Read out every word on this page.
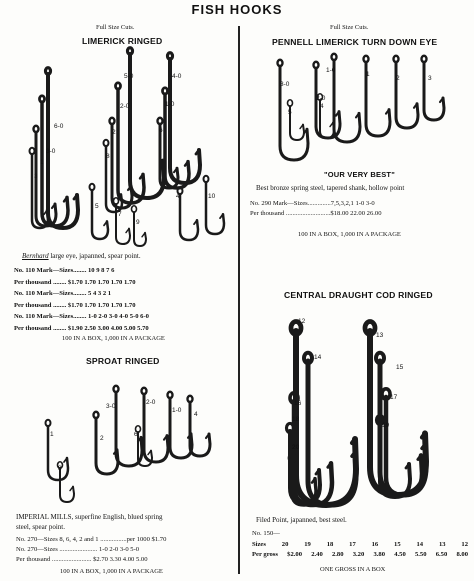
FISH HOOKS
Full Size Cuts.
LIMERICK RINGED
6-0
3-0
1
3
5-0
2-0
2
8
4-0
1-0
6
5
7
9
4	10
Bernhard large eye, japanned, spear point.
No. 110 Mark—Sizes........ 10 9 8 7 6
Per thousand ........ $1.70 1.70 1.70 1.70 1.70
No. 110 Mark—Sizes........ 5 4 3 2 1
Per thousand ........ $1.70 1.70 1.70 1.70 1.70
No. 110 Mark—Sizes........ 1-0 2-0 3-0 4-0 5-0 6-0
Per thousand ........ $1.90 2.50 3.00 4.00 5.00 5.70
100 IN A BOX, 1,000 IN A PACKAGE
SPROAT RINGED
1
2
3-0
2-0
1-0
4
6
8
IMPERIAL MILLS, superfine English, blued spring
steel, spear point.
No. 270—Sizes 8, 6, 4, 2 and 1 ................per 1000 $1.70
No. 270—Sizes ....................... 1-0 2-0 3-0 5-0
Per thousand ........................ $2.70 3.30 4.00 5.00
100 IN A BOX, 1,000 IN A PACKAGE
Full Size Cuts.
PENNELL LIMERICK TURN DOWN EYE
3-0
2-0
1-0
1
2	3
4
5
"OUR VERY BEST"
Best bronze spring steel, tapered shank, hollow point
No. 290 Mark—Sizes..............7,5,3,2,1 1-0 3-0
Per thousand ...........................$18.00 22.00 26.00
100 IN A BOX, 1,000 IN A PACKAGE
CENTRAL DRAUGHT COD RINGED
12
13
14
15
16
17
18
19
20
Filed Point, japanned, best steel.
No. 150—
Sizes 20 19 18 17 16 15 14 13 12
Per gross $2.00 2.40 2.80 3.20 3.80 4.50 5.50 6.50 8.00
ONE GROSS IN A BOX
